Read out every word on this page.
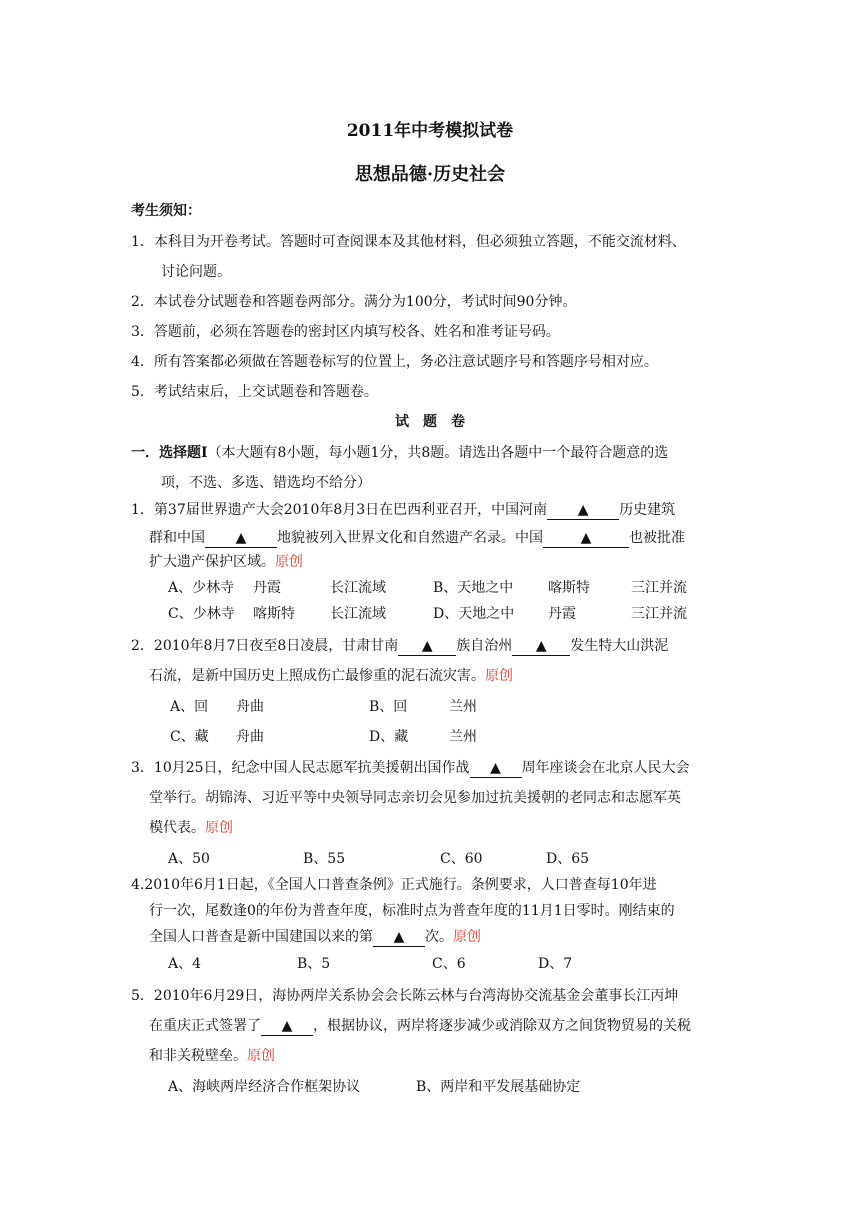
2011年中考模拟试卷
思想品德·历史社会
考生须知：
1．本科目为开卷考试。答题时可查阅课本及其他材料，但必须独立答题，不能交流材料、
讨论问题。
2．本试卷分试题卷和答题卷两部分。满分为100分，考试时间90分钟。
3．答题前，必须在答题卷的密封区内填写校各、姓名和准考证号码。
4．所有答案都必须做在答题卷标写的位置上，务必注意试题序号和答题序号相对应。
5．考试结束后，上交试题卷和答题卷。
试　题　卷
一．选择题Ⅰ（本大题有8小题，每小题1分，共8题。请选出各题中一个最符合题意的选
项，不选、多选、错选均不给分）
1．第37届世界遗产大会2010年8月3日在巴西利亚召开，中国河南 ▲ 历史建筑
群和中国 ▲ 地貌被列入世界文化和自然遗产名录。中国	▲	也被批准
扩大遗产保护区域。原创
A、少林寺 丹霞	长江流域	B、天地之中 喀斯特	三江并流
C、少林寺 喀斯特	长江流域	D、天地之中 丹霞	三江并流
2．2010年8月7日夜至8日凌晨，甘肃甘南 ▲ 族自治州 ▲ 发生特大山洪泥
石流，是新中国历史上照成伤亡最惨重的泥石流灾害。原创
A、回 舟曲	B、回	兰州
C、藏 舟曲	D、藏	兰州
3．10月25日，纪念中国人民志愿军抗美援朝出国作战 ▲ 周年座谈会在北京人民大会
堂举行。胡锦涛、习近平等中央领导同志亲切会见参加过抗美援朝的老同志和志愿军英
模代表。原创
A、50	B、55	C、60	D、65
4.2010年6月1日起，《全国人口普查条例》正式施行。条例要求，人口普查每10年进
行一次，尾数逢0的年份为普查年度，标准时点为普查年度的11月1日零时。刚结束的
全国人口普查是新中国建国以来的第 ▲ 次。原创
A、4	B、5	C、6	D、7
5．2010年6月29日，海协两岸关系协会会长陈云林与台湾海协交流基金会董事长江丙坤
在重庆正式签署了 ▲ ，根据协议，两岸将逐步减少或消除双方之间货物贸易的关税
和非关税壁垒。原创
A、海峡两岸经济合作框架协议	B、两岸和平发展基础协定
